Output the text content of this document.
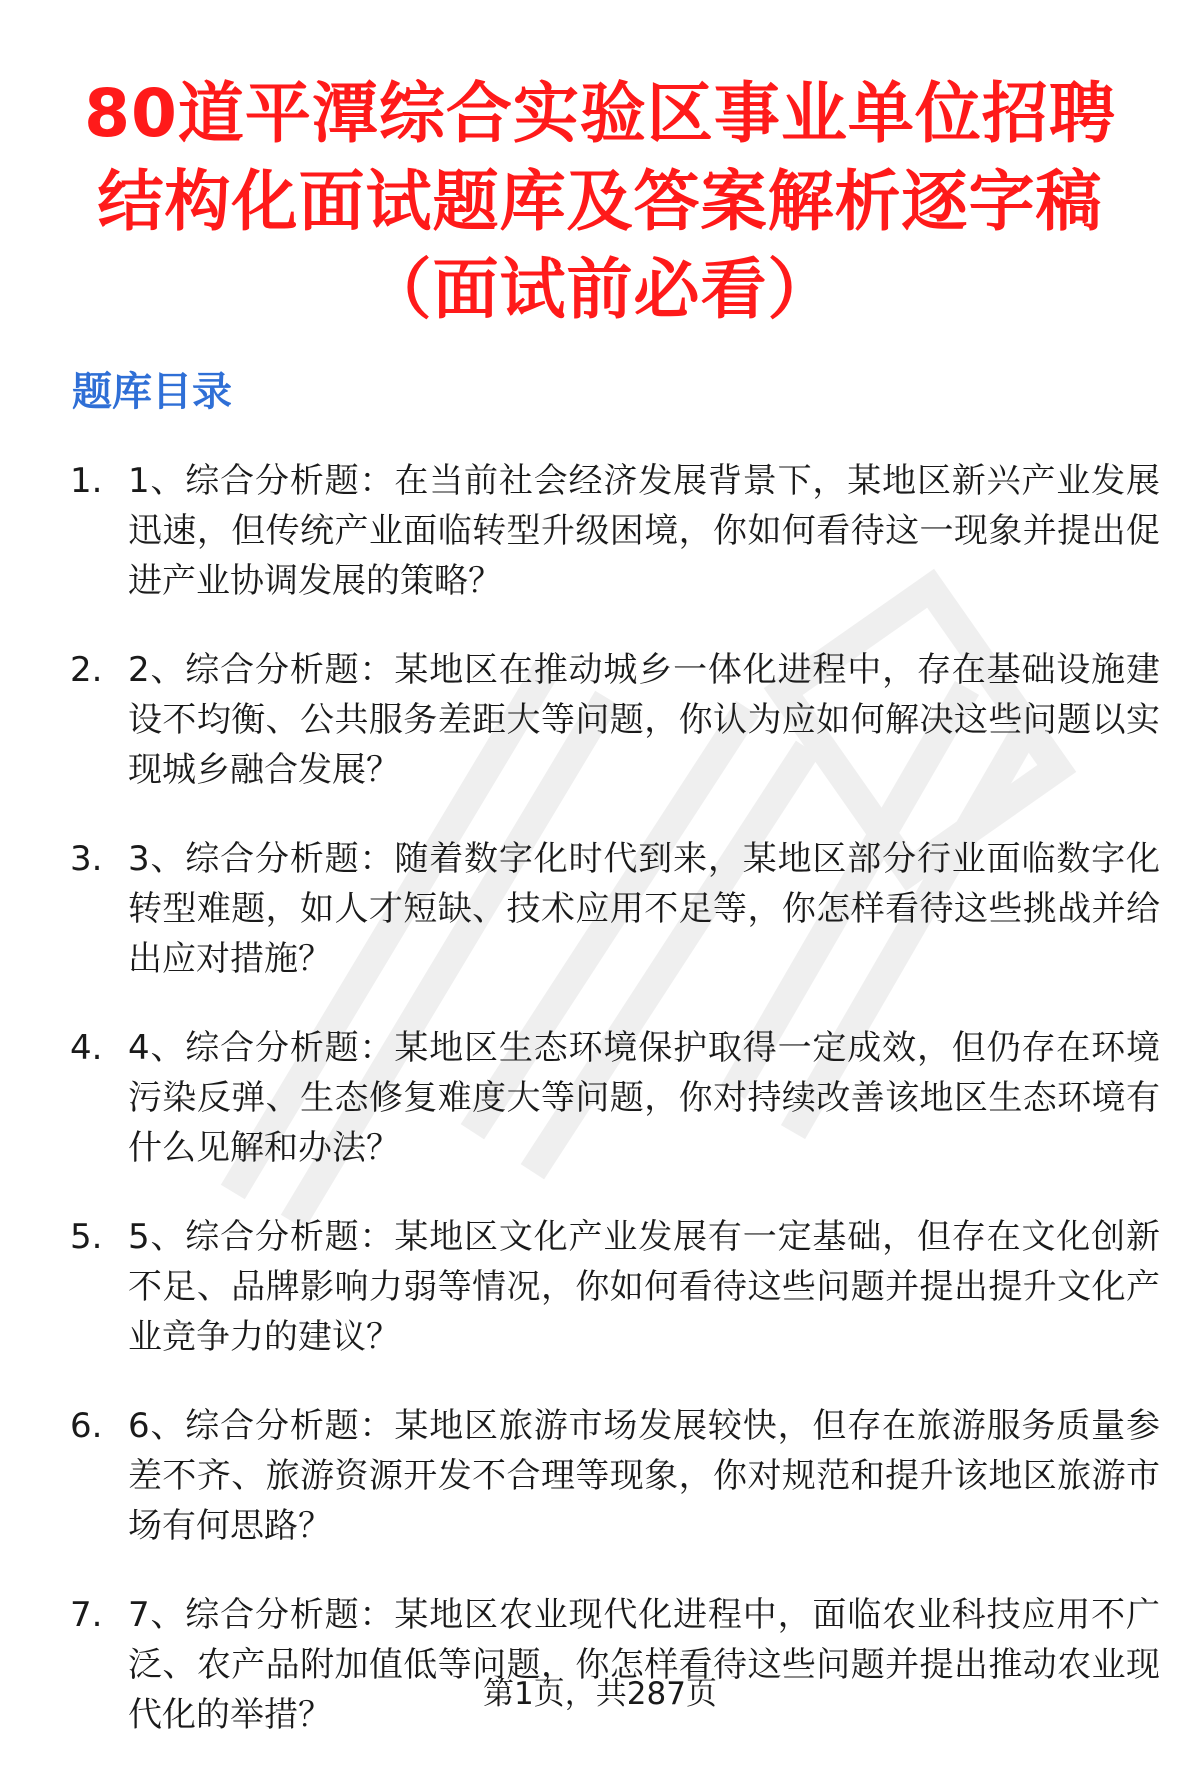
80道平潭综合实验区事业单位招聘
结构化面试题库及答案解析逐字稿
（面试前必看）
题库目录
1. 1、综合分析题：在当前社会经济发展背景下，某地区新兴产业发展迅速，但传统产业面临转型升级困境，你如何看待这一现象并提出促进产业协调发展的策略？
2. 2、综合分析题：某地区在推动城乡一体化进程中，存在基础设施建设不均衡、公共服务差距大等问题，你认为应如何解决这些问题以实现城乡融合发展？
3. 3、综合分析题：随着数字化时代到来，某地区部分行业面临数字化转型难题，如人才短缺、技术应用不足等，你怎样看待这些挑战并给出应对措施？
4. 4、综合分析题：某地区生态环境保护取得一定成效，但仍存在环境污染反弹、生态修复难度大等问题，你对持续改善该地区生态环境有什么见解和办法？
5. 5、综合分析题：某地区文化产业发展有一定基础，但存在文化创新不足、品牌影响力弱等情况，你如何看待这些问题并提出提升文化产业竞争力的建议？
6. 6、综合分析题：某地区旅游市场发展较快，但存在旅游服务质量参差不齐、旅游资源开发不合理等现象，你对规范和提升该地区旅游市场有何思路？
7. 7、综合分析题：某地区农业现代化进程中，面临农业科技应用不广泛、农产品附加值低等问题，你怎样看待这些问题并提出推动农业现代化的举措？
第1页，共287页
